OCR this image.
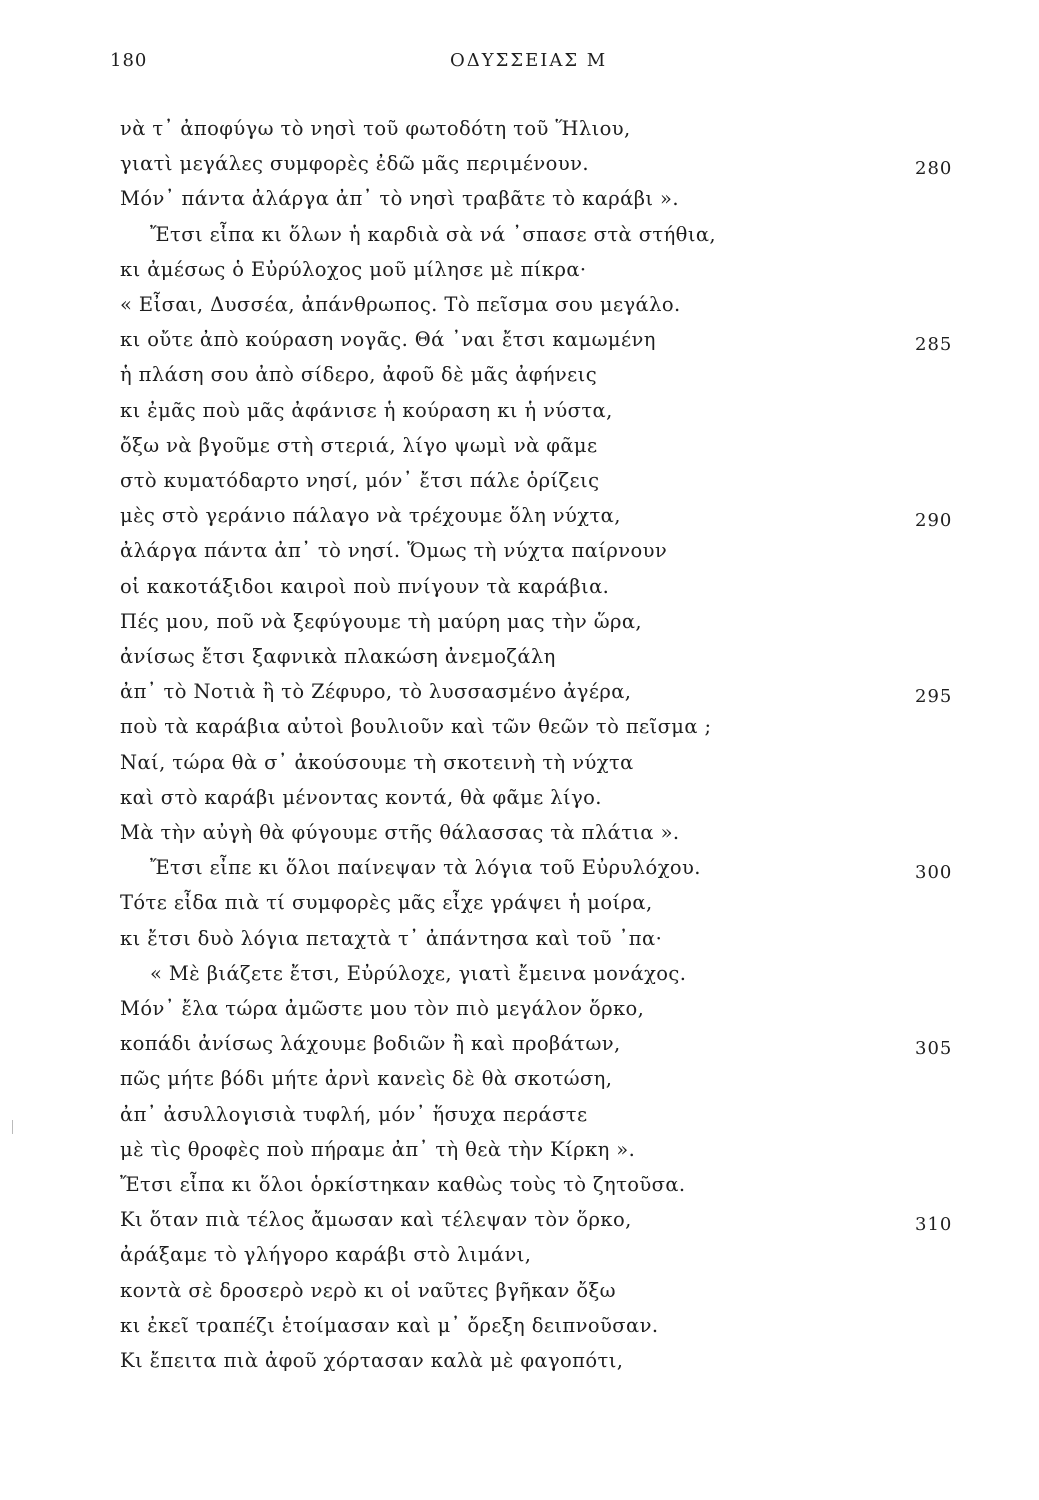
180	ΟΔΥΣΣΕΙΑΣ Μ
νὰ τ᾽ ἀποφύγω τὸ νησὶ τοῦ φωτοδότη τοῦ Ἥλιου,
γιατὶ μεγάλες συμφορὲς ἐδῶ μᾶς περιμένουν.	280
Μόν᾽ πάντα ἀλάργα ἀπ᾽ τὸ νησὶ τραβᾶτε τὸ καράβι ».
Ἔτσι εἶπα κι ὅλων ἡ καρδιὰ σὰ νά ᾽σπασε στὰ στήθια,
κι ἀμέσως ὁ Εὐρύλοχος μοῦ μίλησε μὲ πίκρα·
« Εἶσαι, Δυσσέα, ἀπάνθρωπος. Τὸ πεῖσμα σου μεγάλο.
κι οὔτε ἀπὸ κούραση νογᾶς. Θά ᾽ναι ἔτσι καμωμένη	285
ἡ πλάση σου ἀπὸ σίδερο, ἀφοῦ δὲ μᾶς ἀφήνεις
κι ἐμᾶς ποὺ μᾶς ἀφάνισε ἡ κούραση κι ἡ νύστα,
ὄξω νὰ βγοῦμε στὴ στεριά, λίγο ψωμὶ νὰ φᾶμε
στὸ κυματόδαρτο νησί, μόν᾽ ἔτσι πάλε ὁρίζεις
μὲς στὸ γεράνιο πάλαγο νὰ τρέχουμε ὅλη νύχτα,	290
ἀλάργα πάντα ἀπ᾽ τὸ νησί. Ὅμως τὴ νύχτα παίρνουν
οἱ κακοτάξιδοι καιροὶ ποὺ πνίγουν τὰ καράβια.
Πές μου, ποῦ νὰ ξεφύγουμε τὴ μαύρη μας τὴν ὥρα,
ἀνίσως ἔτσι ξαφνικὰ πλακώση ἀνεμοζάλη
ἀπ᾽ τὸ Νοτιὰ ἢ τὸ Ζέφυρο, τὸ λυσσασμένο ἀγέρα,	295
ποὺ τὰ καράβια αὐτοὶ βουλιοῦν καὶ τῶν θεῶν τὸ πεῖσμα ;
Ναί, τώρα θὰ σ᾽ ἀκούσουμε τὴ σκοτεινὴ τὴ νύχτα
καὶ στὸ καράβι μένοντας κοντά, θὰ φᾶμε λίγο.
Μὰ τὴν αὐγὴ θὰ φύγουμε στῆς θάλασσας τὰ πλάτια ».
Ἔτσι εἶπε κι ὅλοι παίνεψαν τὰ λόγια τοῦ Εὐρυλόχου.	300
Τότε εἶδα πιὰ τί συμφορὲς μᾶς εἶχε γράψει ἡ μοίρα,
κι ἔτσι δυὸ λόγια πεταχτὰ τ᾽ ἀπάντησα καὶ τοῦ ᾽πα·
« Μὲ βιάζετε ἔτσι, Εὐρύλοχε, γιατὶ ἔμεινα μονάχος.
Μόν᾽ ἔλα τώρα ἀμῶστε μου τὸν πιὸ μεγάλον ὅρκο,
κοπάδι ἀνίσως λάχουμε βοδιῶν ἢ καὶ προβάτων,	305
πῶς μήτε βόδι μήτε ἀρνὶ κανεὶς δὲ θὰ σκοτώση,
ἀπ᾽ ἀσυλλογισιὰ τυφλή, μόν᾽ ἥσυχα περάστε
μὲ τὶς θροφὲς ποὺ πήραμε ἀπ᾽ τὴ θεὰ τὴν Κίρκη ».
Ἔτσι εἶπα κι ὅλοι ὁρκίστηκαν καθὼς τοὺς τὸ ζητοῦσα.
Κι ὅταν πιὰ τέλος ἄμωσαν καὶ τέλεψαν τὸν ὅρκο,	310
ἀράξαμε τὸ γλήγορο καράβι στὸ λιμάνι,
κοντὰ σὲ δροσερὸ νερὸ κι οἱ ναῦτες βγῆκαν ὄξω
κι ἐκεῖ τραπέζι ἑτοίμασαν καὶ μ᾽ ὄρεξη δειπνοῦσαν.
Κι ἔπειτα πιὰ ἀφοῦ χόρτασαν καλὰ μὲ φαγοπότι,
